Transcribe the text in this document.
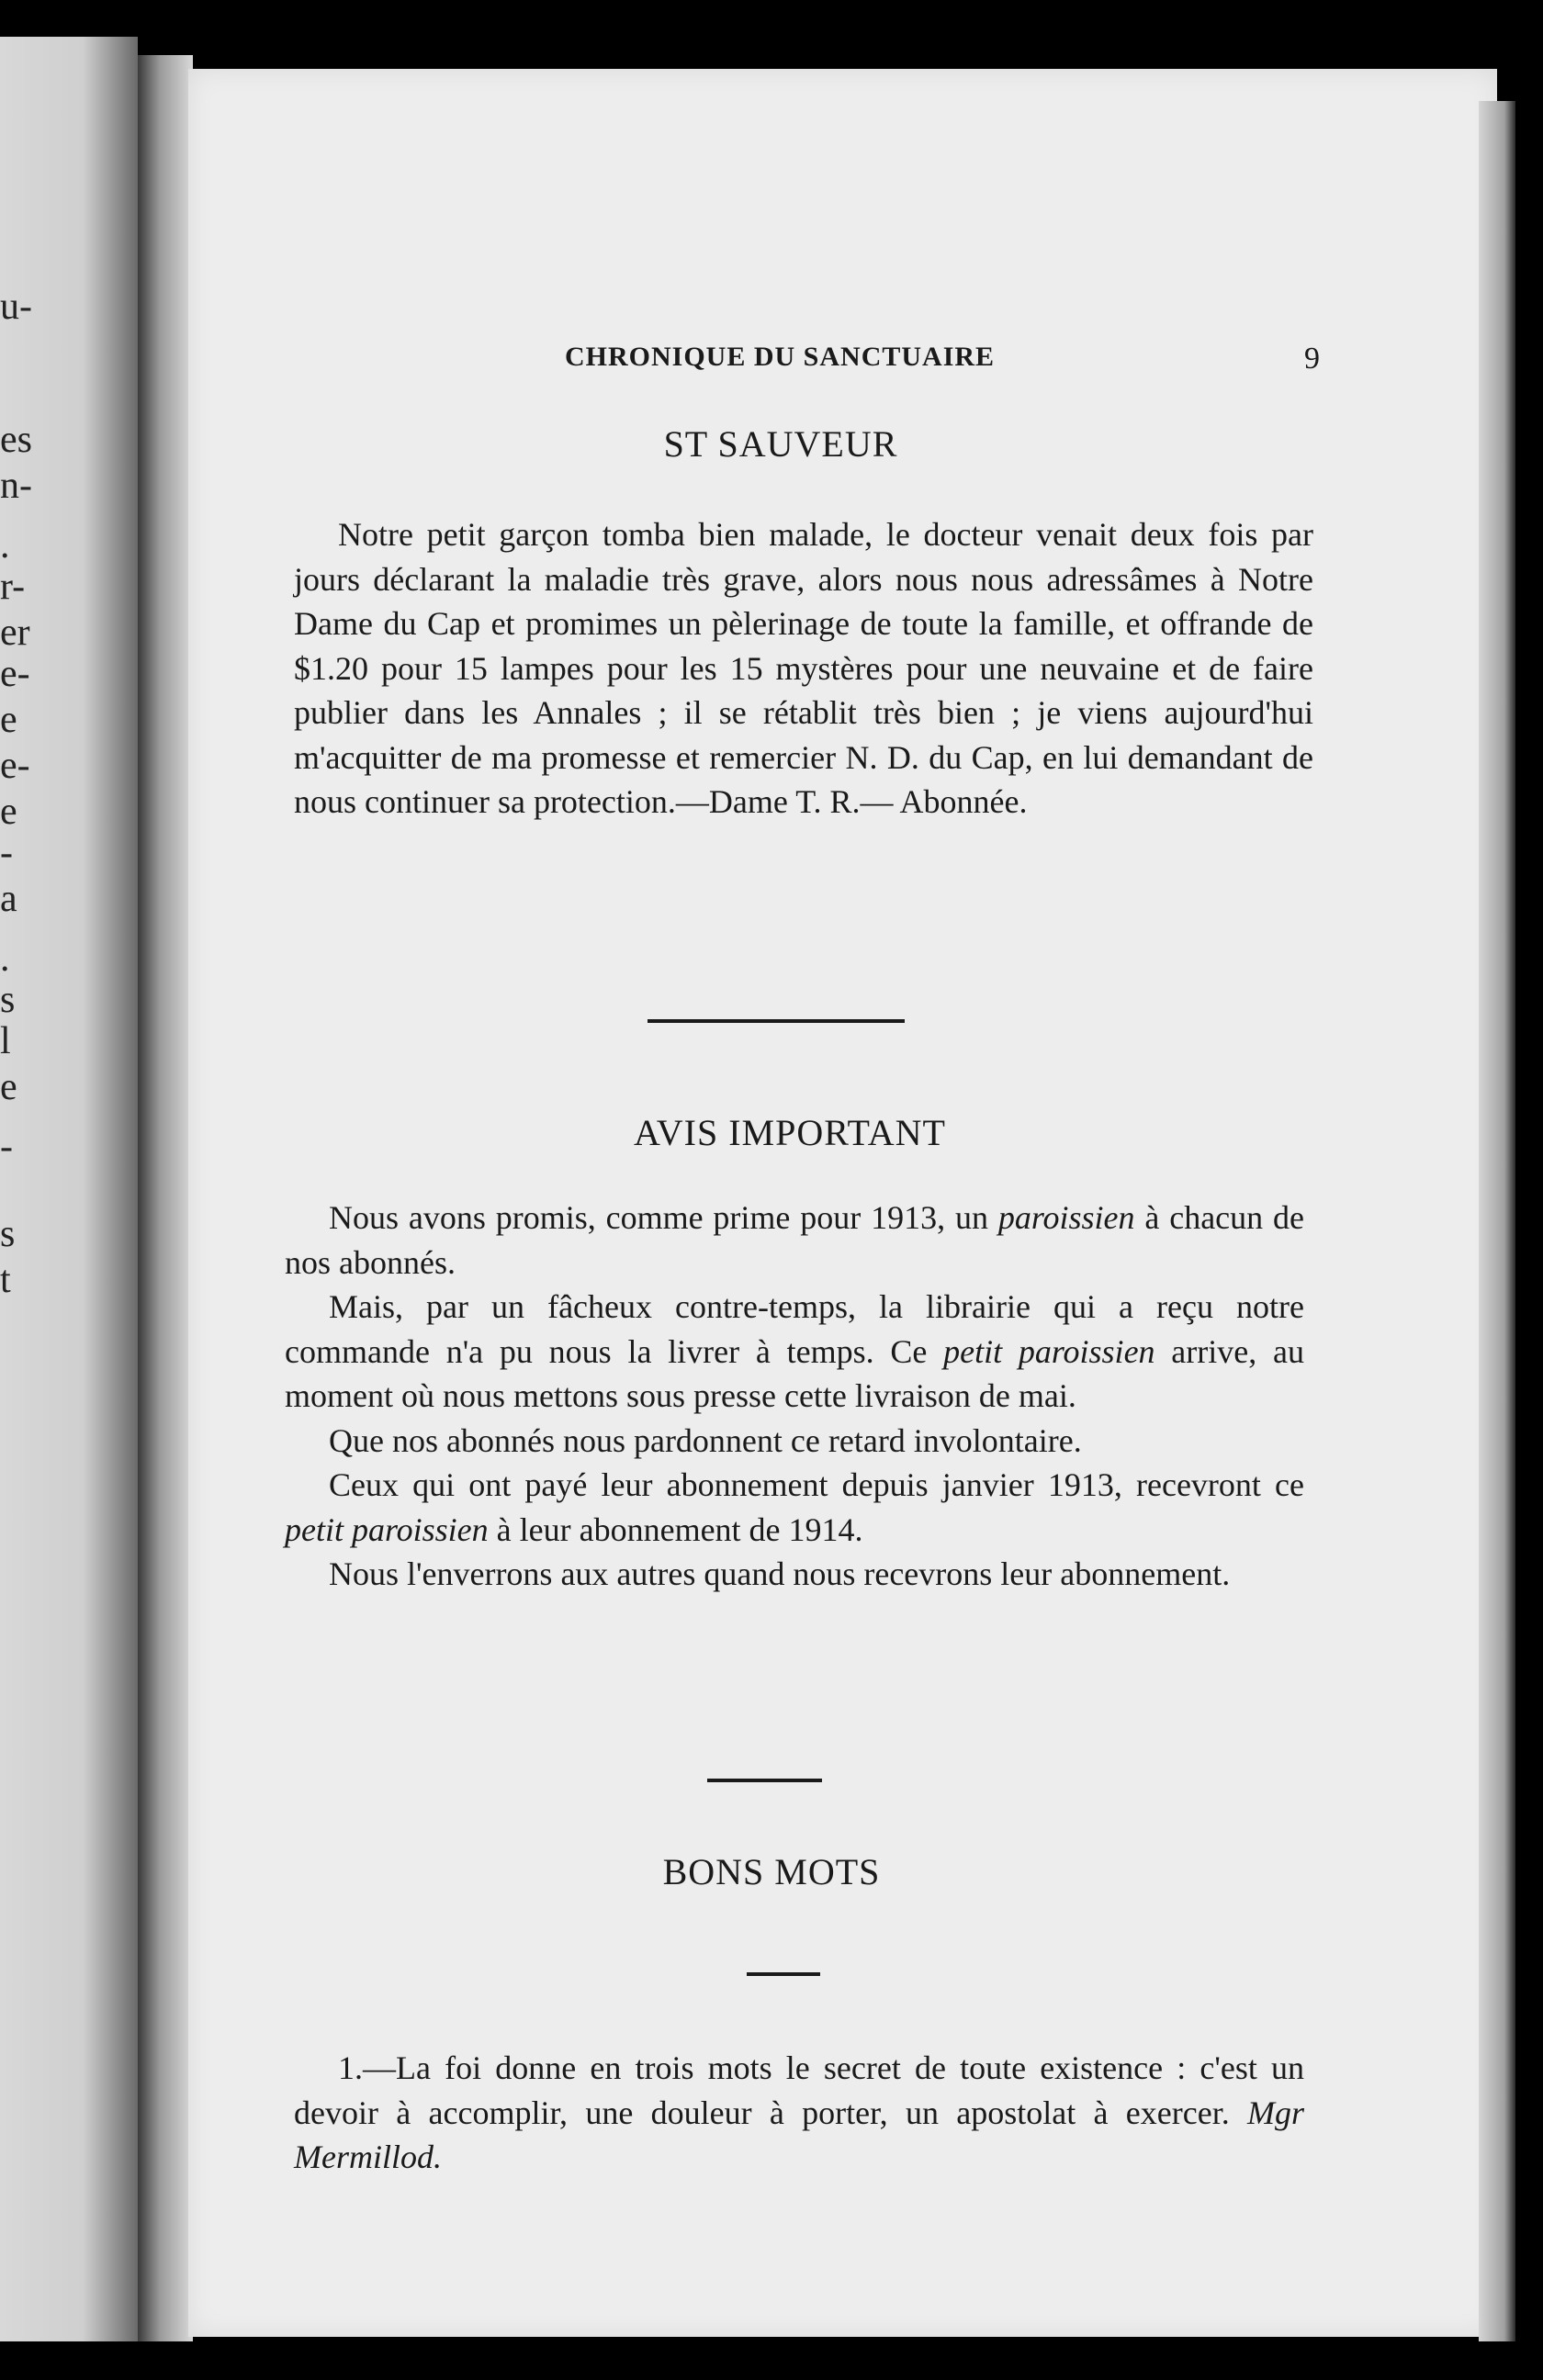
u-
es
n-
.
r-
er
e-
e
e-
e
-
a
.
s
l
e
-
s
t
CHRONIQUE DU SANCTUAIRE	9
ST SAUVEUR

Notre petit garçon tomba bien malade, le docteur venait deux fois par jours déclarant la maladie très grave, alors nous nous adressâmes à Notre Dame du Cap et promimes un pèlerinage de toute la famille, et offrande de $1.20 pour 15 lampes pour les 15 mystères pour une neuvaine et de faire publier dans les Annales ; il se rétablit très bien ; je viens aujourd'hui m'acquitter de ma promesse et remercier N. D. du Cap, en lui demandant de nous continuer sa protection.—Dame T. R.— Abonnée.

AVIS IMPORTANT

Nous avons promis, comme prime pour 1913, un paroissien à chacun de nos abonnés.

Mais, par un fâcheux contre-temps, la librairie qui a reçu notre commande n'a pu nous la livrer à temps. Ce petit paroissien arrive, au moment où nous mettons sous presse cette livraison de mai.

Que nos abonnés nous pardonnent ce retard involontaire.

Ceux qui ont payé leur abonnement depuis janvier 1913, recevront ce petit paroissien à leur abonnement de 1914.

Nous l'enverrons aux autres quand nous recevrons leur abonnement.

BONS MOTS

1.—La foi donne en trois mots le secret de toute existence : c'est un devoir à accomplir, une douleur à porter, un apostolat à exercer. Mgr Mermillod.
